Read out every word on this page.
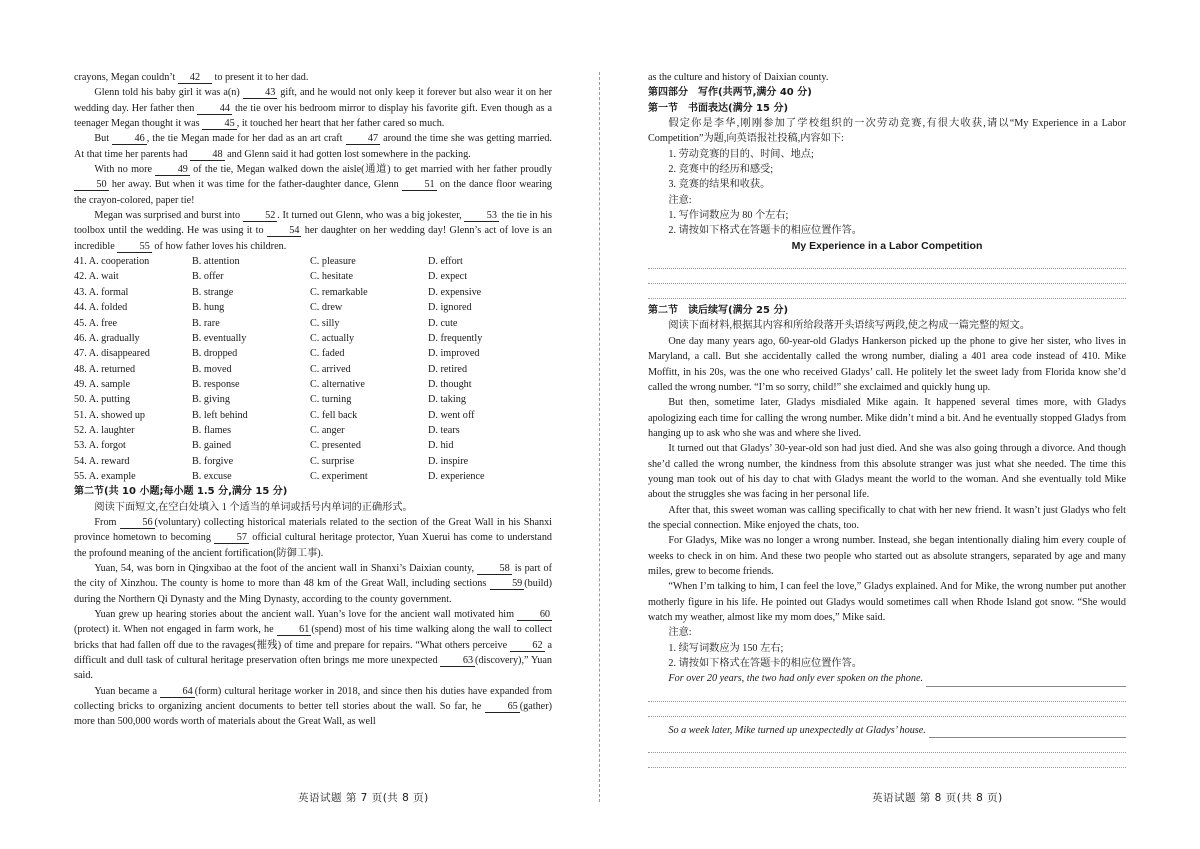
crayons, Megan couldn’t 42 to present it to her dad.

Glenn told his baby girl it was a(n) 43 gift, and he would not only keep it forever but also wear it on her wedding day. Her father then 44 the tie over his bedroom mirror to display his favorite gift. Even though as a teenager Megan thought it was 45 , it touched her heart that her father cared so much.

But 46 , the tie Megan made for her dad as an art craft 47 around the time she was getting married. At that time her parents had 48 and Glenn said it had gotten lost somewhere in the packing.

With no more 49 of the tie, Megan walked down the aisle(通道) to get married with her father proudly 50 her away. But when it was time for the father-daughter dance, Glenn 51 on the dance floor wearing the crayon-colored, paper tie!

Megan was surprised and burst into 52 . It turned out Glenn, who was a big jokester, 53 the tie in his toolbox until the wedding. He was using it to 54 her daughter on her wedding day! Glenn’s act of love is an incredible 55 of how father loves his children.

41. A. cooperation	B. attention	C. pleasure	D. effort
42. A. wait	B. offer	C. hesitate	D. expect
43. A. formal	B. strange	C. remarkable	D. expensive
44. A. folded	B. hung	C. drew	D. ignored
45. A. free	B. rare	C. silly	D. cute
46. A. gradually	B. eventually	C. actually	D. frequently
47. A. disappeared	B. dropped	C. faded	D. improved
48. A. returned	B. moved	C. arrived	D. retired
49. A. sample	B. response	C. alternative	D. thought
50. A. putting	B. giving	C. turning	D. taking
51. A. showed up	B. left behind	C. fell back	D. went off
52. A. laughter	B. flames	C. anger	D. tears
53. A. forgot	B. gained	C. presented	D. hid
54. A. reward	B. forgive	C. surprise	D. inspire
55. A. example	B. excuse	C. experiment	D. experience

第二节(共 10 小题;每小题 1.5 分,满分 15 分)

阅读下面短文,在空白处填入 1 个适当的单词或括号内单词的正确形式。

From 56 (voluntary) collecting historical materials related to the section of the Great Wall in his Shanxi province hometown to becoming 57 official cultural heritage protector, Yuan Xuerui has come to understand the profound meaning of the ancient fortification(防御工事).

Yuan, 54, was born in Qingxibao at the foot of the ancient wall in Shanxi’s Daixian county, 58 is part of the city of Xinzhou. The county is home to more than 48 km of the Great Wall, including sections 59 (build) during the Northern Qi Dynasty and the Ming Dynasty, according to the county government.

Yuan grew up hearing stories about the ancient wall. Yuan’s love for the ancient wall motivated him 60(protect) it. When not engaged in farm work, he 61 (spend) most of his time walking along the wall to collect bricks that had fallen off due to the ravages(摧残) of time and prepare for repairs. “What others perceive 62 a difficult and dull task of cultural heritage preservation often brings me more unexpected 63 (discovery),” Yuan said.

Yuan became a 64 (form) cultural heritage worker in 2018, and since then his duties have expanded from collecting bricks to organizing ancient documents to better tell stories about the wall. So far, he 65 (gather) more than 500,000 words worth of materials about the Great Wall, as well

as the culture and history of Daixian county.

第四部分　写作(共两节,满分 40 分)

第一节　书面表达(满分 15 分)

假定你是李华,刚刚参加了学校组织的一次劳动竞赛,有很大收获,请以“My Experience in a Labor Competition”为题,向英语报社投稿,内容如下:

1. 劳动竞赛的目的、时间、地点;

2. 竞赛中的经历和感受;

3. 竞赛的结果和收获。

注意:

1. 写作词数应为 80 个左右;

2. 请按如下格式在答题卡的相应位置作答。

My Experience in a Labor Competition

第二节　读后续写(满分 25 分)

阅读下面材料,根据其内容和所给段落开头语续写两段,使之构成一篇完整的短文。

One day many years ago, 60-year-old Gladys Hankerson picked up the phone to give her sister, who lives in Maryland, a call. But she accidentally called the wrong number, dialing a 401 area code instead of 410. Mike Moffitt, in his 20s, was the one who received Gladys’ call. He politely let the sweet lady from Florida know she’d called the wrong number. “I’m so sorry, child!” she exclaimed and quickly hung up.

But then, sometime later, Gladys misdialed Mike again. It happened several times more, with Gladys apologizing each time for calling the wrong number. Mike didn’t mind a bit. And he eventually stopped Gladys from hanging up to ask who she was and where she lived.

It turned out that Gladys’ 30-year-old son had just died. And she was also going through a divorce. And though she’d called the wrong number, the kindness from this absolute stranger was just what she needed. The time this young man took out of his day to chat with Gladys meant the world to the woman. And she eventually told Mike about the struggles she was facing in her personal life.

After that, this sweet woman was calling specifically to chat with her new friend. It wasn’t just Gladys who felt the special connection. Mike enjoyed the chats, too.

For Gladys, Mike was no longer a wrong number. Instead, she began intentionally dialing him every couple of weeks to check in on him. And these two people who started out as absolute strangers, separated by age and many miles, grew to become friends.

“When I’m talking to him, I can feel the love,” Gladys explained. And for Mike, the wrong number put another motherly figure in his life. He pointed out Gladys would sometimes call when Rhode Island got snow. “She would watch my weather, almost like my mom does,” Mike said.

注意:

1. 续写词数应为 150 左右;

2. 请按如下格式在答题卡的相应位置作答。

For over 20 years, the two had only ever spoken on the phone.
So a week later, Mike turned up unexpectedly at Gladys’ house.
英语试题 第 7 页(共 8 页)	英语试题 第 8 页(共 8 页)
